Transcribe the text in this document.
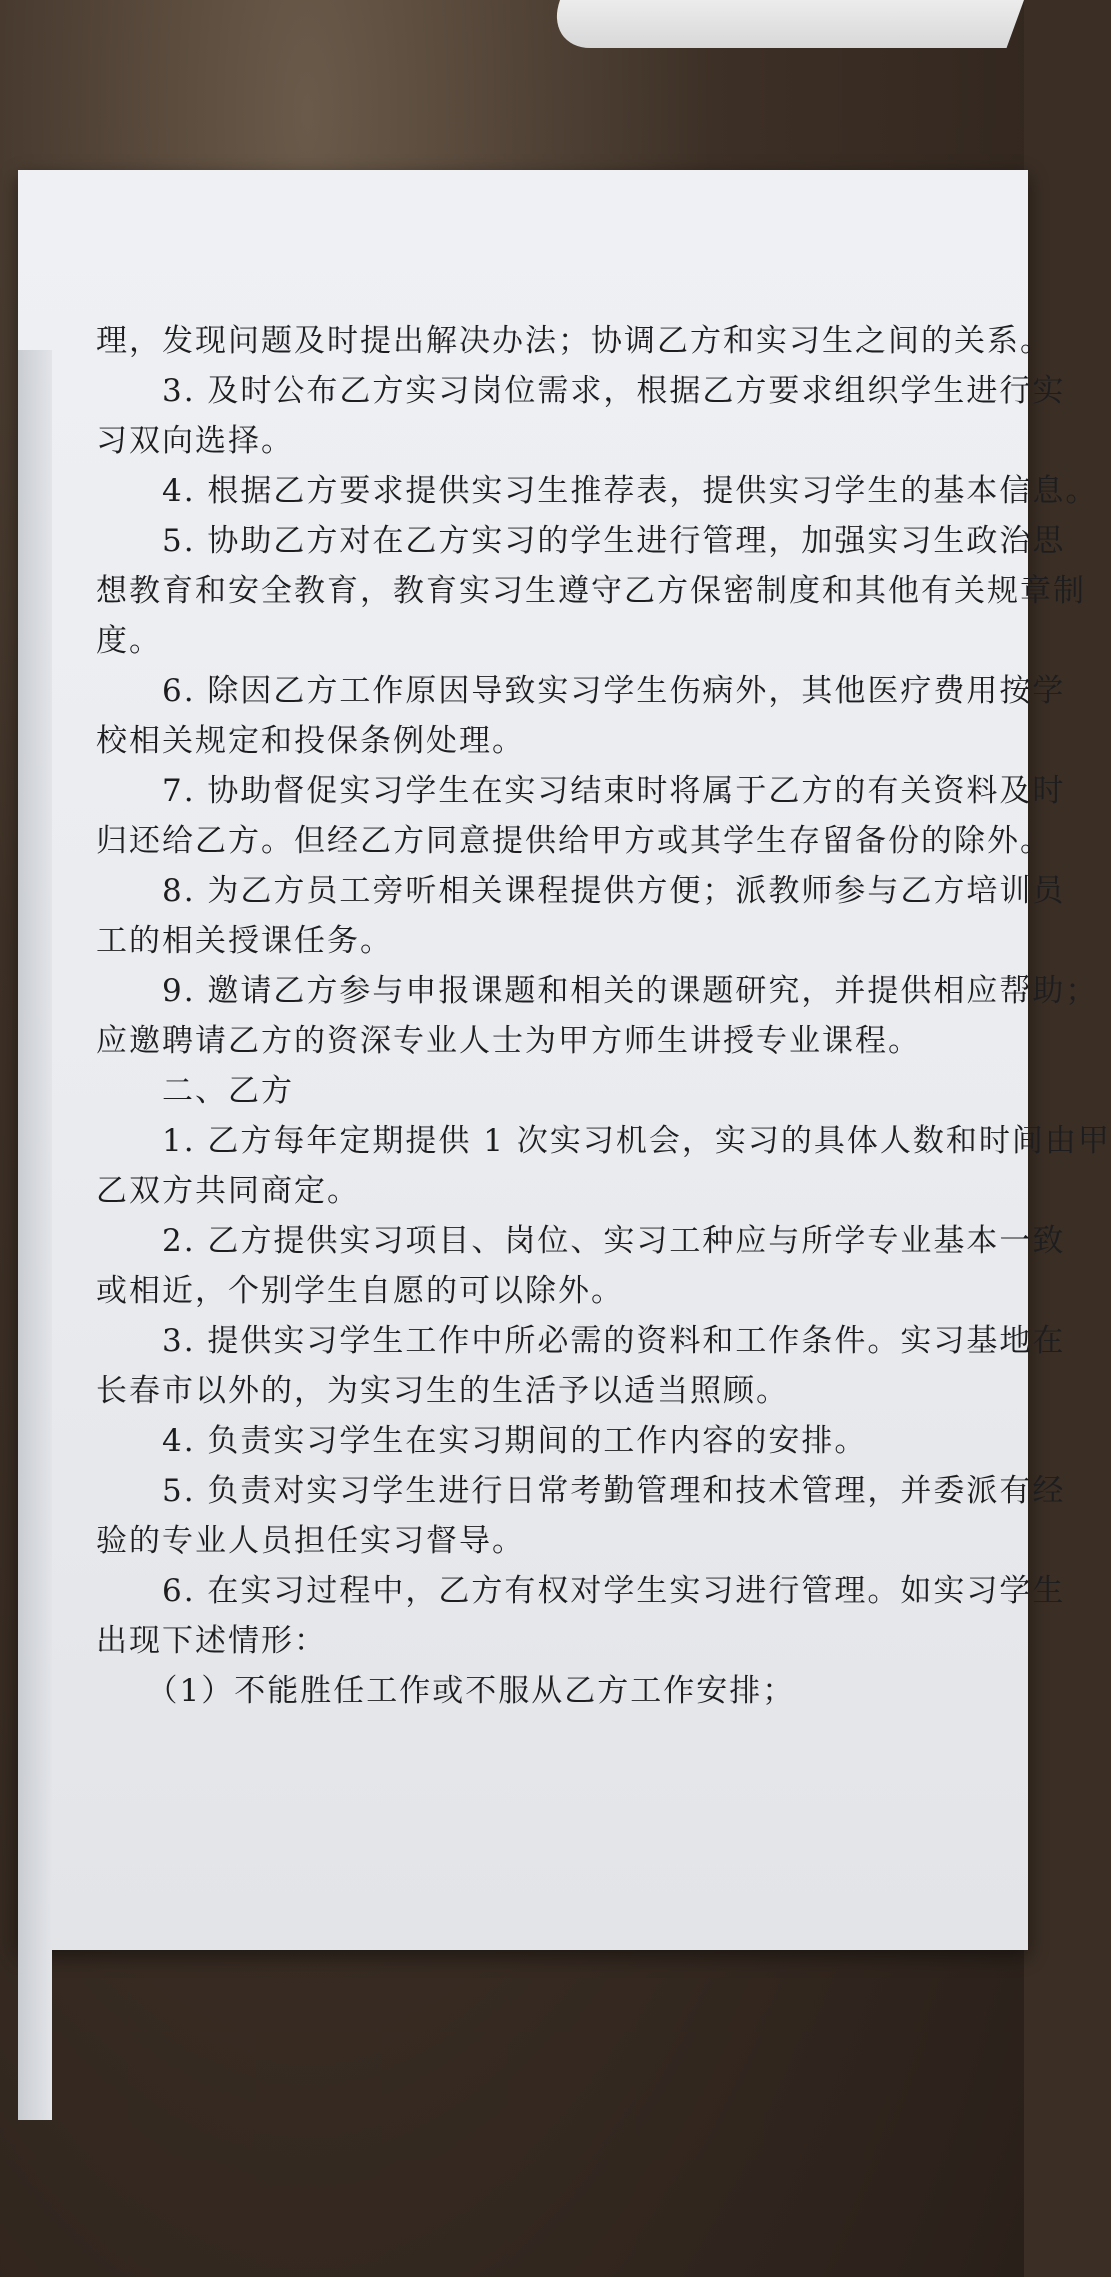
理，发现问题及时提出解决办法；协调乙方和实习生之间的关系。
　　3. 及时公布乙方实习岗位需求，根据乙方要求组织学生进行实
习双向选择。
　　4. 根据乙方要求提供实习生推荐表，提供实习学生的基本信息。
　　5. 协助乙方对在乙方实习的学生进行管理，加强实习生政治思
想教育和安全教育，教育实习生遵守乙方保密制度和其他有关规章制
度。
　　6. 除因乙方工作原因导致实习学生伤病外，其他医疗费用按学
校相关规定和投保条例处理。
　　7. 协助督促实习学生在实习结束时将属于乙方的有关资料及时
归还给乙方。但经乙方同意提供给甲方或其学生存留备份的除外。
　　8. 为乙方员工旁听相关课程提供方便；派教师参与乙方培训员
工的相关授课任务。
　　9. 邀请乙方参与申报课题和相关的课题研究，并提供相应帮助；
应邀聘请乙方的资深专业人士为甲方师生讲授专业课程。
　　二、乙方
　　1. 乙方每年定期提供 1 次实习机会，实习的具体人数和时间由甲
乙双方共同商定。
　　2. 乙方提供实习项目、岗位、实习工种应与所学专业基本一致
或相近，个别学生自愿的可以除外。
　　3. 提供实习学生工作中所必需的资料和工作条件。实习基地在
长春市以外的，为实习生的生活予以适当照顾。
　　4. 负责实习学生在实习期间的工作内容的安排。
　　5. 负责对实习学生进行日常考勤管理和技术管理，并委派有经
验的专业人员担任实习督导。
　　6. 在实习过程中，乙方有权对学生实习进行管理。如实习学生
出现下述情形：
　　（1）不能胜任工作或不服从乙方工作安排；
